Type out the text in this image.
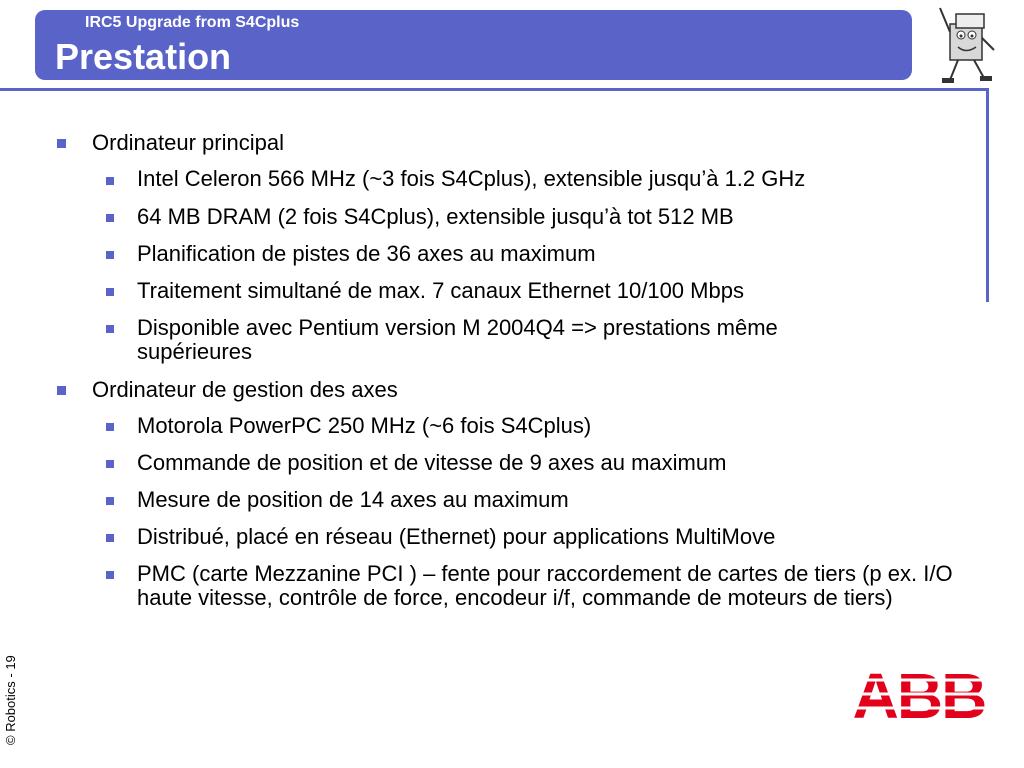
IRC5 Upgrade from S4Cplus
Prestation
Ordinateur principal
Intel Celeron 566 MHz (~3 fois S4Cplus), extensible jusqu’à 1.2 GHz
64 MB DRAM (2 fois S4Cplus), extensible jusqu’à tot 512 MB
Planification de pistes de 36 axes au maximum
Traitement simultané de max. 7 canaux Ethernet 10/100 Mbps
Disponible avec Pentium version M 2004Q4 => prestations même supérieures
Ordinateur de gestion des axes
Motorola PowerPC 250 MHz (~6 fois S4Cplus)
Commande de position et de vitesse de 9 axes au maximum
Mesure de position de 14 axes au maximum
Distribué, placé en réseau (Ethernet) pour applications MultiMove
PMC (carte Mezzanine PCI ) – fente pour raccordement de cartes de tiers (p ex. I/O haute vitesse, contrôle de force, encodeur i/f, commande de moteurs de tiers)
© Robotics - 19	ABB
